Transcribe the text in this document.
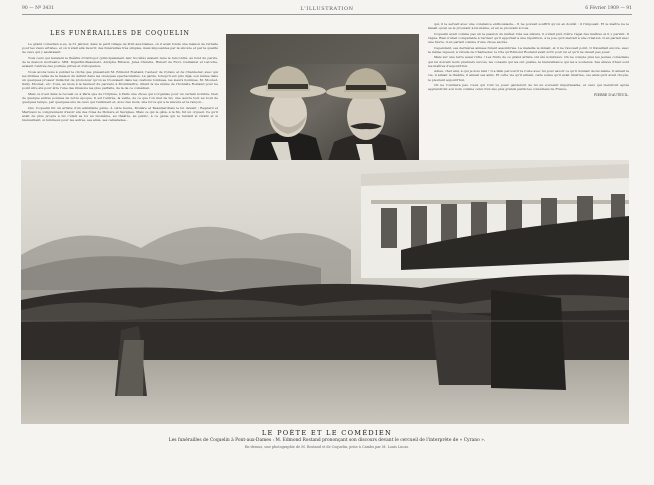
90 — Nº 3431	L'ILLUSTRATION	6 Février 1909 — 91
LES FUNÉRAILLES DE COQUELIN

Le grand comédien a eu, le 31 janvier, dans le petit village de Pont-aux-Dames, où il avait fondé une maison de retraite pour les vieux artistes, et où il était allé mourir, des funérailles très simples, mais imposantes par la sincère et par la qualité de ceux qui y assistaient.

Tous ceux qui tenaient le théâtre d'Ostrogor (principalement leur Société) avaient tenu le rencontré, au fond du parvis, de la maison mortuaire. MM. Dujardin-Beaumetz, Adolphe Brisson, Jules Claretie, Hubert de Fiori, Guillemet et Laroche, avaient l'entrée des journée privés et d'éloquence.

Nous avons tenu à publier le cliché que présentent M. Edmond Rostand, l'auteur de Cyrano et de Chantecler, avec qui les intimes cellés de la maison du défunt dans les obsèques spectaculaires. La garde, lorsqu'il eut pris déjà, son même dans un quelques proseur indiscret de prononcer qu'on se trouvaient dans les ovations tombées, les sieurs hommes, M. Mounet-Sully, Mounet, etc. Tous, au mois à la hauteur du parvenu à Montmartre, dirent la vie même de l'honnête Rostand pour ne point être été pour être l'une des illusions les plus parfaits, de la de ce comédien.

Mais ce n'est dans le recueil ou à Paris que de l'Orphée, à Paris une chose qui s'organise pour un certain nombre, bien de quelque autres poèmes de notre époque. Il est l'entrée, la veille, de ce que l'on met de lui, une œuvre tout au bout de quelques temps, par quelques-uns de ceux qui l'estiment et, avec des mots, une force qui a la sincère et la rançon...

Qui, Coquelin fut un artiste d'un admirable génie. À cette heure, Molière et Beaumarchais le lui devant ; Regnard et Marivaux le comprennent d'avoir été des rôles de Molière et Sévignes. Mais ce qui le gâta, à la fin, fut un orgueil. Ce qu'il avait de plus propre à lui c'était sa foi en lui-même, au théâtre, au public, à ce génie qui le rendait si vivant et si bienveillant, si lumineux pour les autres, ses amis, ses camarades...

qui, il le servait avec une constance enthousiaste... Il ne pouvait souffrir qu'on en doutât : il l'imposait. Et le maître ne le faisait qu'en se le prouvant à lui-même, et en le prouvant à tous.

Coquelin avait comme pas un la passion du métier. Dès ses débuts, il s'était juré d'être l'égal des maîtres et il y parvint. Il régna. Rien n'était comparable à l'ardeur qu'il apportait à une répétition, à la joie qu'il mettait à une création. Il en parlait avec une fièvre, il en parlait comme d'une chose sacrée.

Cependant, ses dernières années furent assombries. La maladie le minait, et il ne l'avouait point. Il travaillait encore, avec la même vigueur, à l'étude de Chantecler, le rôle qu'Edmond Rostand avait écrit pour lui et qu'il ne devait pas jouer.

Mais sur une terre aussi riche ! Les fruits de ce grand artiste ont été nombreux. On ne compte plus les jeunes comédiens qui lui doivent leurs premiers succès, les conseils qui les ont guidés, la bienveillance qui les a soutenus. Ses élèves d'hier sont les maîtres d'aujourd'hui.

Adieu, cher ami, à qui je dois tant ! Il a fallu parcourir la route avec lui pour savoir ce qu'il donnait de lui-même. Il aimait la vie, il aimait le théâtre, il aimait ses amis. Et cette vie qu'il aimait, cette scène qu'il avait illustrée, ces amis qu'il avait choyés, le pleurent aujourd'hui.

On ne l'oubliera pas. Ceux qui l'ont vu jouer garderont de lui un souvenir impérissable, et ceux qui viendront après apprendront son nom comme celui d'un des plus grands parmi les comédiens de France.

PIERRE D'AUTEUIL.

LE POÈTE ET LE COMÉDIEN
Les funérailles de Coquelin à Pont-aux-Dames : M. Edmond Rostand prononçant son discours devant le cercueil de l'interprète de « Cyrano ».
En-dessus, une photographie de M. Rostand et de Coquelin, prise à Cambo par M. Louis Lucas.
